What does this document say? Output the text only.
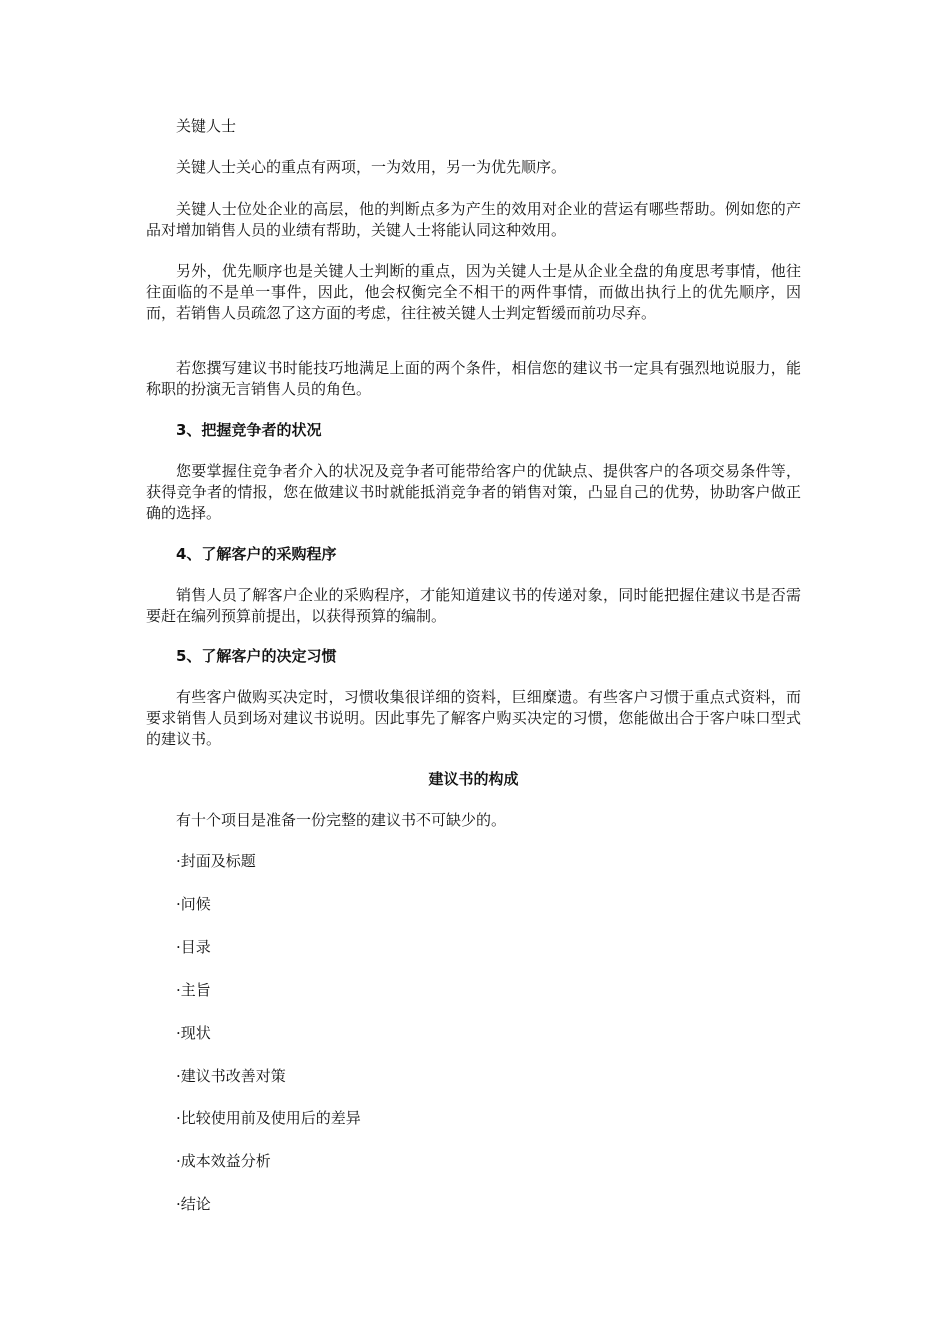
关键人士

关键人士关心的重点有两项，一为效用，另一为优先顺序。

关键人士位处企业的高层，他的判断点多为产生的效用对企业的营运有哪些帮助。例如您的产品对增加销售人员的业绩有帮助，关键人士将能认同这种效用。

另外，优先顺序也是关键人士判断的重点，因为关键人士是从企业全盘的角度思考事情，他往往面临的不是单一事件，因此，他会权衡完全不相干的两件事情，而做出执行上的优先顺序，因而，若销售人员疏忽了这方面的考虑，往往被关键人士判定暂缓而前功尽弃。

若您撰写建议书时能技巧地满足上面的两个条件，相信您的建议书一定具有强烈地说服力，能称职的扮演无言销售人员的角色。

3、把握竞争者的状况

您要掌握住竞争者介入的状况及竞争者可能带给客户的优缺点、提供客户的各项交易条件等，获得竞争者的情报，您在做建议书时就能抵消竞争者的销售对策，凸显自己的优势，协助客户做正确的选择。

4、了解客户的采购程序

销售人员了解客户企业的采购程序，才能知道建议书的传递对象，同时能把握住建议书是否需要赶在编列预算前提出，以获得预算的编制。

5、了解客户的决定习惯

有些客户做购买决定时，习惯收集很详细的资料，巨细糜遗。有些客户习惯于重点式资料，而要求销售人员到场对建议书说明。因此事先了解客户购买决定的习惯，您能做出合于客户味口型式的建议书。

建议书的构成

有十个项目是准备一份完整的建议书不可缺少的。

·封面及标题

·问候

·目录

·主旨

·现状

·建议书改善对策

·比较使用前及使用后的差异

·成本效益分析

·结论
